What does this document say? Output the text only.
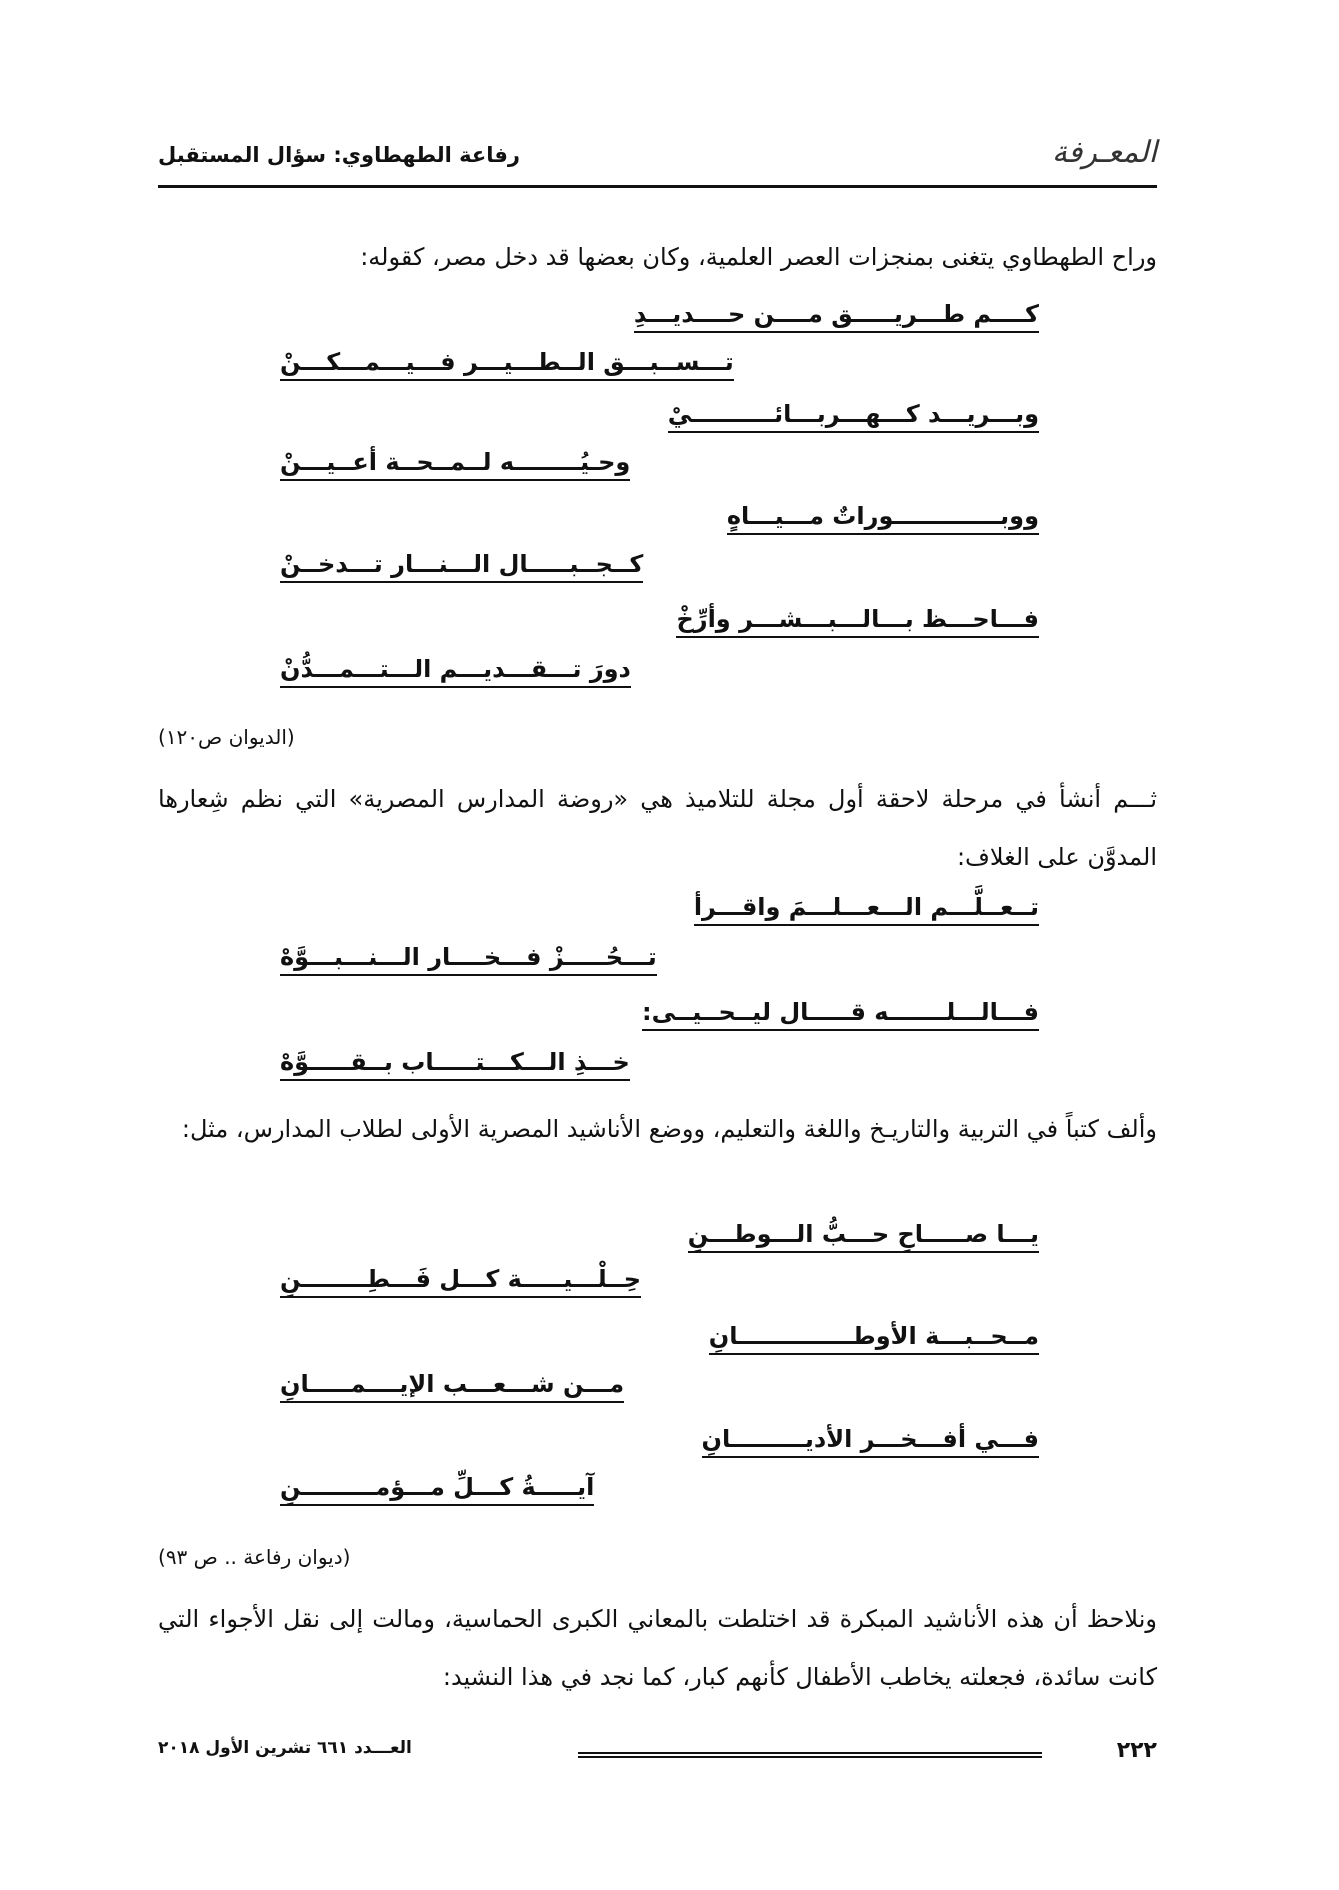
المعـرفة
رفاعة الطهطاوي: سؤال المستقبل
وراح الطهطاوي يتغنى بمنجزات العصر العلمية، وكان بعضها قد دخل مصر، كقوله:
كــــم طـــريـــــق مــــن حــــديـــدِ
تـــســبـــق الــطـــيـــر فـــيـــمـــكـــنْ
وبـــريـــد كـــهـــربـــائــــــــــيْ
وحـيُــــــــه لــمــحــة أعــيـــنْ
ووبـــــــــــــوراتٌ مـــيـــاهٍ
كــجــبـــــال الـــنـــار تـــدخــنْ
فـــاحـــظ بـــالـــبـــشـــر وأرِّخْ
دورَ تـــقـــديـــم الـــتـــمـــدُّنْ
(الديوان ص١٢٠)
ثـــم أنشأ في مرحلة لاحقة أول مجلة للتلاميذ هي «روضة المدارس المصرية» التي نظم شِعارها المدوَّن على الغلاف:
تــعــلَّـــم الـــعـــلـــمَ واقـــرأ
تـــحُـــــزْ فـــخــــار الـــنـــبـــوَّهْ
فـــالـــلـــــــه قـــــال ليــحــيــى:
خـــذِ الـــكـــتـــــاب بــقـــــوَّهْ
وألف كتباً في التربية والتاريـخ واللغة والتعليم، ووضع الأناشيد المصرية الأولى لطلاب المدارس، مثل:
يـــا صـــــاحِ حـــبُّ الـــوطـــنِ
حِــلْـــيـــــة كـــل فَـــطِــــــــنِ
مــحــبـــة الأوطــــــــــــــانِ
مـــن شـــعـــب الإيــــمـــــانِ
فـــي أفـــخـــر الأديـــــــــانِ
آيـــــةُ كـــلِّ مـــؤمـــــــــنِ
(ديوان رفاعة .. ص ٩٣)
ونلاحظ أن هذه الأناشيد المبكرة قد اختلطت بالمعاني الكبرى الحماسية، ومالت إلى نقل الأجواء التي كانت سائدة، فجعلته يخاطب الأطفال كأنهم كبار، كما نجد في هذا النشيد:
٢٢٢
العـــدد ٦٦١ تشرين الأول ٢٠١٨
